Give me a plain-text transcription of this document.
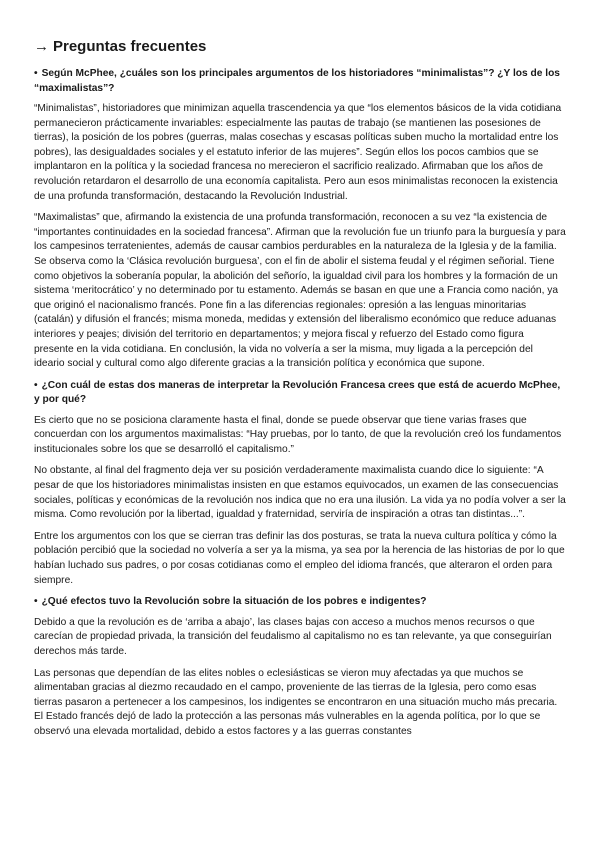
→ Preguntas frecuentes
• Según McPhee, ¿cuáles son los principales argumentos de los historiadores “minimalistas”? ¿Y los de los “maximalistas”?

“Minimalistas”, historiadores que minimizan aquella trascendencia ya que “los elementos básicos de la vida cotidiana permanecieron prácticamente invariables: especialmente las pautas de trabajo (se mantienen las posesiones de tierras), la posición de los pobres (guerras, malas cosechas y escasas políticas suben mucho la mortalidad entre los pobres), las desigualdades sociales y el estatuto inferior de las mujeres”. Según ellos los pocos cambios que se implantaron en la política y la sociedad francesa no merecieron el sacrificio realizado. Afirmaban que los años de revolución retardaron el desarrollo de una economía capitalista. Pero aun esos minimalistas reconocen la existencia de una profunda transformación, destacando la Revolución Industrial.

“Maximalistas” que, afirmando la existencia de una profunda transformación, reconocen a su vez “la existencia de “importantes continuidades en la sociedad francesa”. Afirman que la revolución fue un triunfo para la burguesía y para los campesinos terratenientes, además de causar cambios perdurables en la naturaleza de la Iglesia y de la familia. Se observa como la ‘Clásica revolución burguesa’, con el fin de abolir el sistema feudal y el régimen señorial. Tiene como objetivos la soberanía popular, la abolición del señorío, la igualdad civil para los hombres y la formación de un sistema ‘meritocrático’ y no determinado por tu estamento. Además se basan en que une a Francia como nación, ya que originó el nacionalismo francés. Pone fin a las diferencias regionales: opresión a las lenguas minoritarias (catalán) y difusión el francés; misma moneda, medidas y extensión del liberalismo económico que reduce aduanas interiores y peajes; división del territorio en departamentos; y mejora fiscal y refuerzo del Estado como figura presente en la vida cotidiana. En conclusión, la vida no volvería a ser la misma, muy ligada a la percepción del ideario social y cultural como algo diferente gracias a la transición política y económica que supone.

• ¿Con cuál de estas dos maneras de interpretar la Revolución Francesa crees que está de acuerdo McPhee, y por qué?

Es cierto que no se posiciona claramente hasta el final, donde se puede observar que tiene varias frases que concuerdan con los argumentos maximalistas: “Hay pruebas, por lo tanto, de que la revolución creó los fundamentos institucionales sobre los que se desarrolló el capitalismo.”

No obstante, al final del fragmento deja ver su posición verdaderamente maximalista cuando dice lo siguiente: “A pesar de que los historiadores minimalistas insisten en que estamos equivocados, un examen de las consecuencias sociales, políticas y económicas de la revolución nos indica que no era una ilusión. La vida ya no podía volver a ser la misma. Como revolución por la libertad, igualdad y fraternidad, serviría de inspiración a otras tan distintas...”.

Entre los argumentos con los que se cierran tras definir las dos posturas, se trata la nueva cultura política y cómo la población percibió que la sociedad no volvería a ser ya la misma, ya sea por la herencia de las historias de por lo que habían luchado sus padres, o por cosas cotidianas como el empleo del idioma francés, que alteraron el orden para siempre.

• ¿Qué efectos tuvo la Revolución sobre la situación de los pobres e indigentes?

Debido a que la revolución es de ‘arriba a abajo’, las clases bajas con acceso a muchos menos recursos o que carecían de propiedad privada, la transición del feudalismo al capitalismo no es tan relevante, ya que conseguirían derechos más tarde.

Las personas que dependían de las elites nobles o eclesiásticas se vieron muy afectadas ya que muchos se alimentaban gracias al diezmo recaudado en el campo, proveniente de las tierras de la Iglesia, pero como esas tierras pasaron a pertenecer a los campesinos, los indigentes se encontraron en una situación mucho más precaria. El Estado francés dejó de lado la protección a las personas más vulnerables en la agenda política, por lo que se observó una elevada mortalidad, debido a estos factores y a las guerras constantes
